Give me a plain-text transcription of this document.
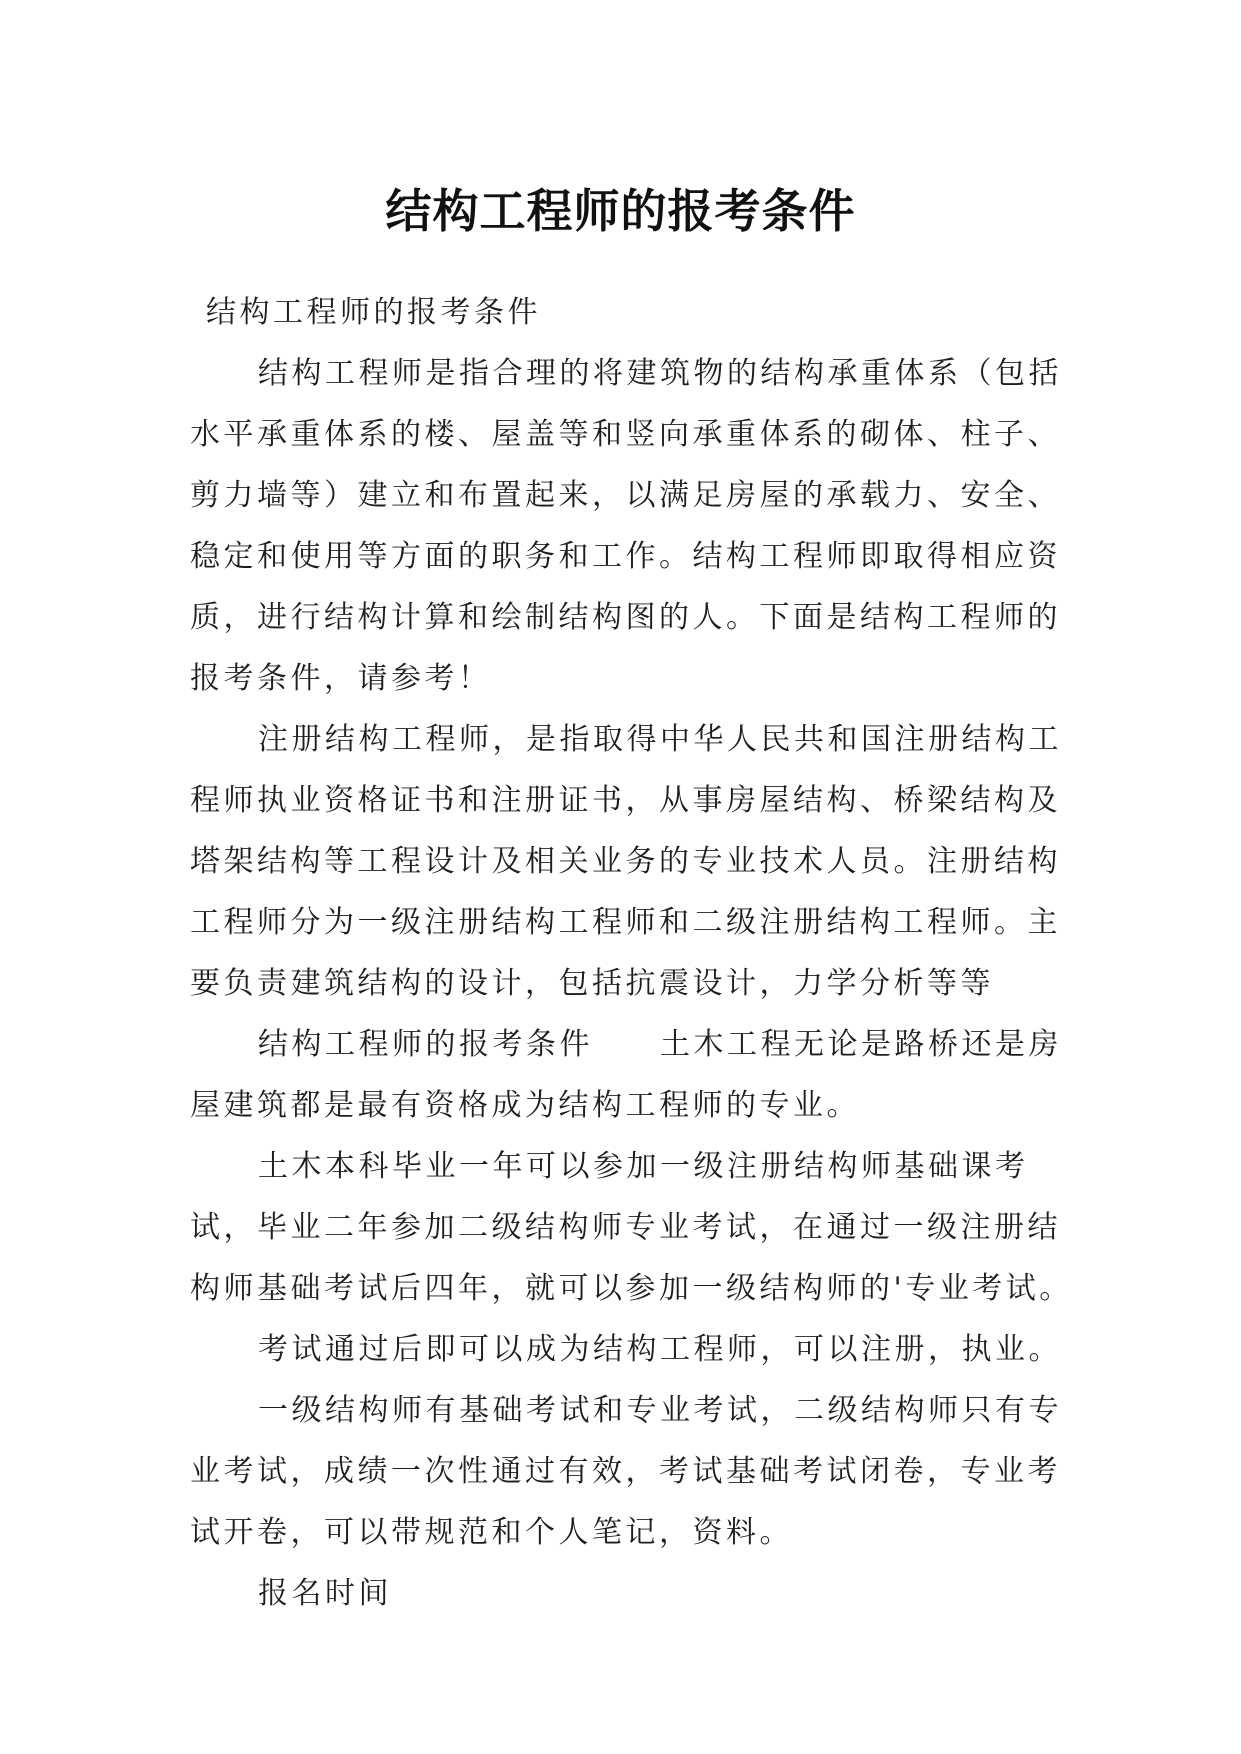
结构工程师的报考条件

结构工程师的报考条件

结构工程师是指合理的将建筑物的结构承重体系（包括水平承重体系的楼、屋盖等和竖向承重体系的砌体、柱子、剪力墙等）建立和布置起来，以满足房屋的承载力、安全、稳定和使用等方面的职务和工作。结构工程师即取得相应资质，进行结构计算和绘制结构图的人。下面是结构工程师的报考条件，请参考！

注册结构工程师，是指取得中华人民共和国注册结构工程师执业资格证书和注册证书，从事房屋结构、桥梁结构及塔架结构等工程设计及相关业务的专业技术人员。注册结构工程师分为一级注册结构工程师和二级注册结构工程师。主要负责建筑结构的设计，包括抗震设计，力学分析等等

结构工程师的报考条件　　土木工程无论是路桥还是房屋建筑都是最有资格成为结构工程师的专业。

土木本科毕业一年可以参加一级注册结构师基础课考试，毕业二年参加二级结构师专业考试，在通过一级注册结构师基础考试后四年，就可以参加一级结构师的'专业考试。

考试通过后即可以成为结构工程师，可以注册，执业。

一级结构师有基础考试和专业考试，二级结构师只有专业考试，成绩一次性通过有效，考试基础考试闭卷，专业考试开卷，可以带规范和个人笔记，资料。

报名时间
